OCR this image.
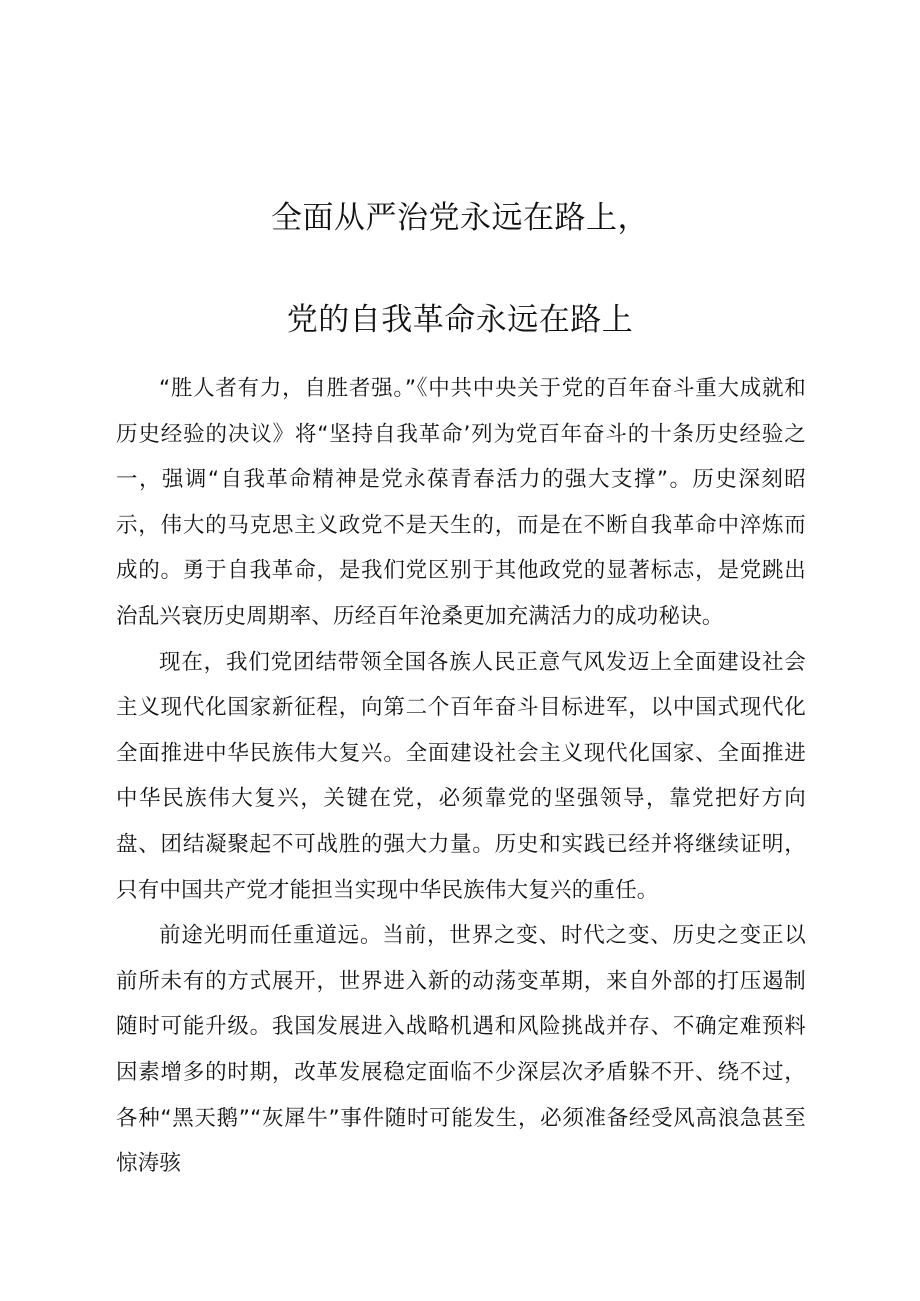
全面从严治党永远在路上，
党的自我革命永远在路上

“胜人者有力，自胜者强。”《中共中央关于党的百年奋斗重大成就和历史经验的决议》将“坚持自我革命’列为党百年奋斗的十条历史经验之一，强调“自我革命精神是党永葆青春活力的强大支撑”。历史深刻昭示，伟大的马克思主义政党不是天生的，而是在不断自我革命中淬炼而成的。勇于自我革命，是我们党区别于其他政党的显著标志，是党跳出治乱兴衰历史周期率、历经百年沧桑更加充满活力的成功秘诀。

现在，我们党团结带领全国各族人民正意气风发迈上全面建设社会主义现代化国家新征程，向第二个百年奋斗目标进军，以中国式现代化全面推进中华民族伟大复兴。全面建设社会主义现代化国家、全面推进中华民族伟大复兴，关键在党，必须靠党的坚强领导，靠党把好方向盘、团结凝聚起不可战胜的强大力量。历史和实践已经并将继续证明，只有中国共产党才能担当实现中华民族伟大复兴的重任。

前途光明而任重道远。当前，世界之变、时代之变、历史之变正以前所未有的方式展开，世界进入新的动荡变革期，来自外部的打压遏制随时可能升级。我国发展进入战略机遇和风险挑战并存、不确定难预料因素增多的时期，改革发展稳定面临不少深层次矛盾躲不开、绕不过，各种“黑天鹅”“灰犀牛”事件随时可能发生，必须准备经受风高浪急甚至惊涛骇
